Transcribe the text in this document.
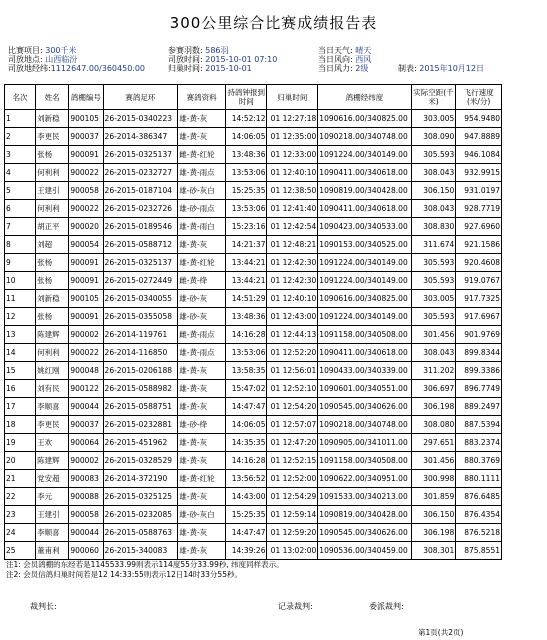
300公里综合比赛成绩报告表
比赛项目: 300千米
司放地点: 山西临汾
司放地经纬:1112647.00/360450.00
参赛羽数: 586羽
司放时间: 2015-10-01 07:10
归巢时间: 2015-10-01
当日天气: 晴天
当日风向: 西风
当日风力: 2级	制表: 2015年10月12日
名次	姓名	鸽棚编号	赛鸽足环	赛鸽资料	持鸽钟报到时间	归巢时间	鸽棚经纬度	实际空距(千米)	飞行速度(米/分)
1	刘新稳	900105	26-2015-0340223	雄-黄-灰	14:52:12	01 12:27:18	1090616.00/340825.00	303.005	954.9480
2	李更民	900037	26-2014-386347	雄-黄-灰	14:06:05	01 12:35:00	1090218.00/340748.00	308.090	947.8889
3	张杨	900091	26-2015-0325137	雌-黄-红轮	13:48:36	01 12:33:00	1091224.00/340149.00	305.593	946.1084
4	何利利	900022	26-2015-0232727	雄-黄-雨点	13:53:06	01 12:40:10	1090411.00/340618.00	308.043	932.9915
5	王建引	900058	26-2015-0187104	雄-砂-灰白	15:25:35	01 12:38:50	1090819.00/340428.00	306.150	931.0197
6	何利利	900022	26-2015-0232726	雄-砂-雨点	13:53:06	01 12:41:40	1090411.00/340618.00	308.043	928.7719
7	胡正平	900020	26-2015-0189546	雄-黄-雨白	15:23:16	01 12:42:54	1090423.00/340533.00	308.830	927.6960
8	刘超	900054	26-2015-0588712	雄-黄-灰	14:21:37	01 12:48:21	1090153.00/340525.00	311.674	921.1586
9	张杨	900091	26-2015-0325137	雄-黄-红轮	13:44:21	01 12:42:30	1091224.00/340149.00	305.593	920.4608
10	张杨	900091	26-2015-0272449	雌-黄-绛	13:44:21	01 12:42:30	1091224.00/340149.00	305.593	919.0767
11	刘新稳	900105	26-2015-0340055	雄-砂-灰	14:51:29	01 12:40:10	1090616.00/340825.00	303.005	917.7325
12	张杨	900091	26-2015-0355058	雄-砂-灰	13:48:36	01 12:43:00	1091224.00/340149.00	305.593	917.6967
13	陈建辉	900002	26-2014-119761	雌-黄-雨点	14:16:28	01 12:44:13	1091158.00/340508.00	301.456	901.9769
14	何利利	900022	26-2014-116850	雄-黄-雨点	13:53:06	01 12:52:20	1090411.00/340618.00	308.043	899.8344
15	姚红刚	900048	26-2015-0206188	雄-黄-灰	13:58:35	01 12:56:01	1090433.00/340339.00	311.202	899.3386
16	刘有民	900122	26-2015-0588982	雄-黄-灰	15:47:02	01 12:52:10	1090601.00/340551.00	306.697	896.7749
17	李顺喜	900044	26-2015-0588751	雄-黄-灰	14:47:47	01 12:54:20	1090545.00/340626.00	306.198	889.2497
18	李更民	900037	26-2015-0232881	雄-砂-绛	14:06:05	01 12:57:07	1090218.00/340748.00	308.080	887.5394
19	王欢	900064	26-2015-451962	雄-黄-灰	14:35:35	01 12:47:20	1090905.00/341011.00	297.651	883.2374
20	陈建辉	900002	26-2015-0328529	雄-黄-灰	14:16:28	01 12:52:15	1091158.00/340508.00	301.456	880.3769
21	党安超	900083	26-2014-372190	雄-黄-红轮	13:56:52	01 12:52:00	1090622.00/340951.00	300.998	880.1111
22	李元	900088	26-2015-0325125	雄-黄-灰	14:43:00	01 12:54:29	1091533.00/340213.00	301.859	876.6485
23	王建引	900058	26-2015-0232085	雄-砂-灰白	15:25:35	01 12:59:14	1090819.00/340428.00	306.150	876.4354
24	李顺喜	900044	26-2015-0588763	雄-黄-灰	14:47:47	01 12:59:20	1090545.00/340626.00	306.198	876.5218
25	董甫利	900060	26-2015-340083	雄-黄-灰	14:39:26	01 13:02:00	1090536.00/340459.00	308.301	875.8551
注1: 会员鸽棚的东经若是1145533.99则表示114度55分33.99秒, 纬度同样表示。
注2: 会员信鸽归巢时间若是12 14:33:55则表示12日14时33分55秒。
裁判长:	记录裁判:	委派裁判:
第1页(共2页)
